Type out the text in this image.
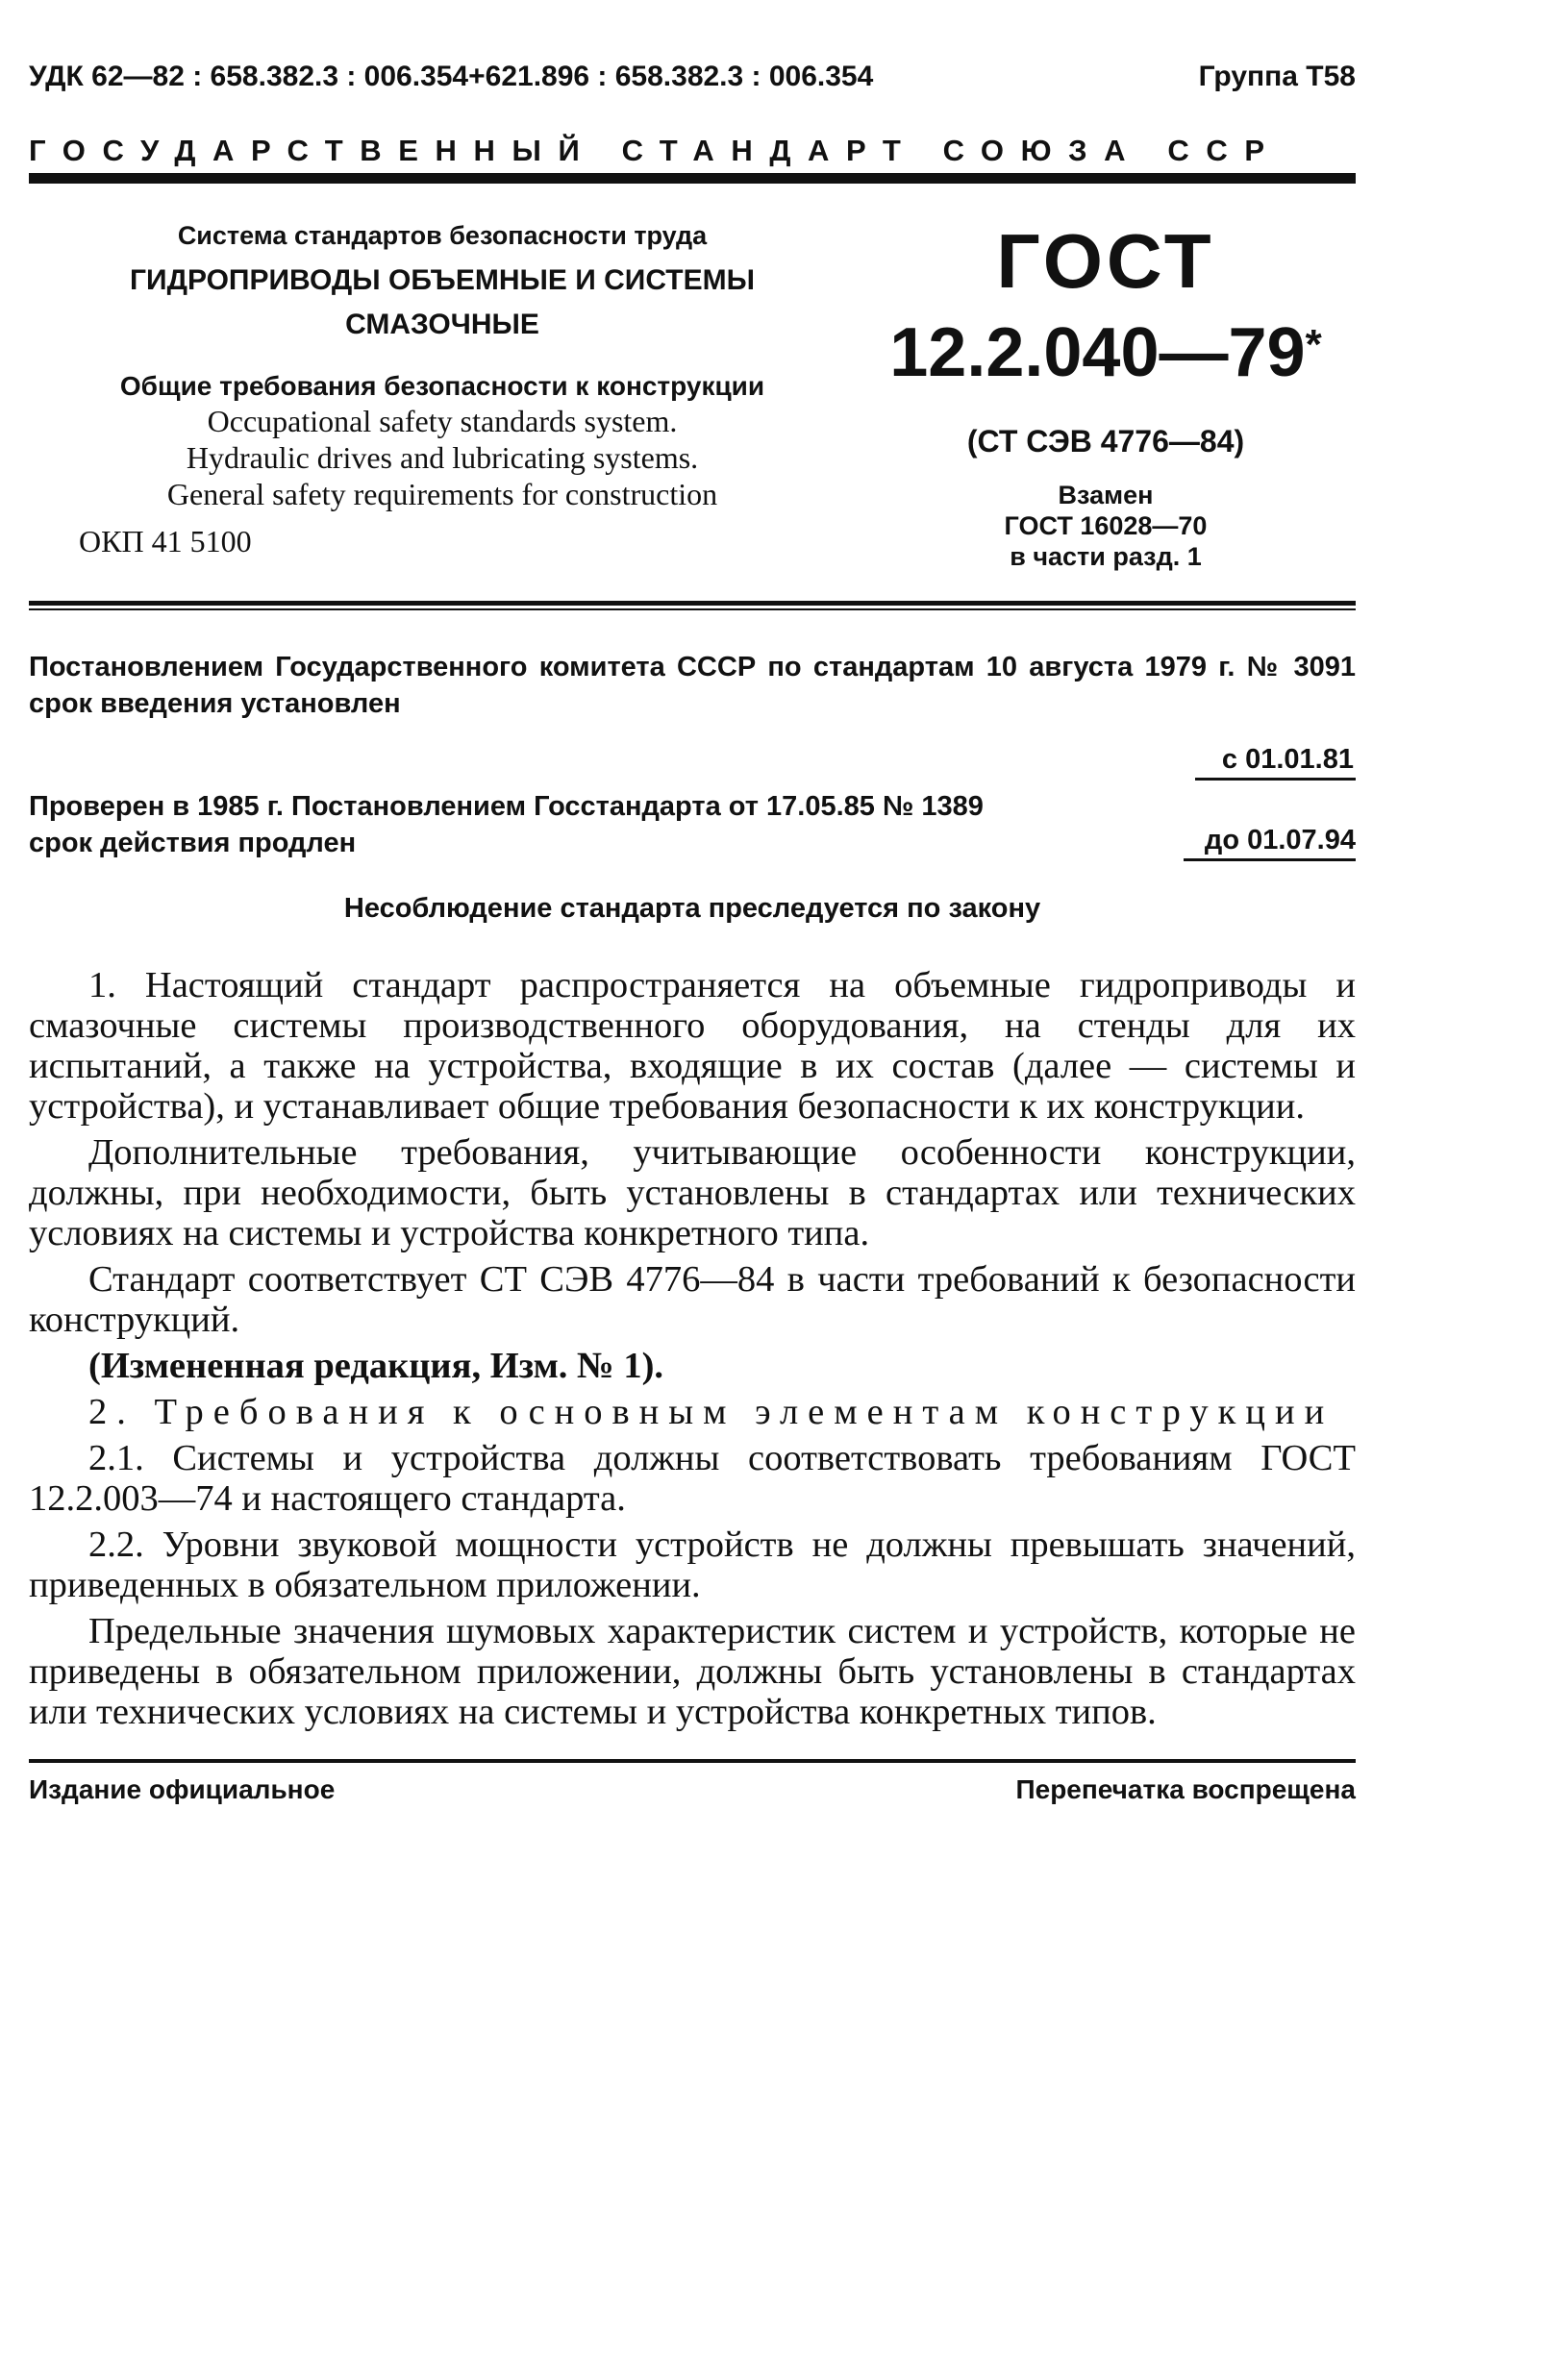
УДК 62—82 : 658.382.3 : 006.354+621.896 : 658.382.3 : 006.354	Группа Т58
ГОСУДАРСТВЕННЫЙ СТАНДАРТ СОЮЗА ССР
Система стандартов безопасности труда
ГИДРОПРИВОДЫ ОБЪЕМНЫЕ И СИСТЕМЫ
СМАЗОЧНЫЕ
Общие требования безопасности к конструкции
Occupational safety standards system.
Hydraulic drives and lubricating systems.
General safety requirements for construction
ОКП 41 5100
ГОСТ
12.2.040—79*
(СТ СЭВ 4776—84)
Взамен
ГОСТ 16028—70
в части разд. 1
Постановлением Государственного комитета СССР по стандартам 10 августа 1979 г. № 3091 срок введения установлен
с 01.01.81
Проверен в 1985 г. Постановлением Госстандарта от 17.05.85 № 1389
срок действия продлен	до 01.07.94
Несоблюдение стандарта преследуется по закону

1. Настоящий стандарт распространяется на объемные гидроприводы и смазочные системы производственного оборудования, на стенды для их испытаний, а также на устройства, входящие в их состав (далее — системы и устройства), и устанавливает общие требования безопасности к их конструкции.

Дополнительные требования, учитывающие особенности конструкции, должны, при необходимости, быть установлены в стандартах или технических условиях на системы и устройства конкретного типа.

Стандарт соответствует СТ СЭВ 4776—84 в части требований к безопасности конструкций.

(Измененная редакция, Изм. № 1).

2. Требования к основным элементам конструкции

2.1. Системы и устройства должны соответствовать требованиям ГОСТ 12.2.003—74 и настоящего стандарта.

2.2. Уровни звуковой мощности устройств не должны превышать значений, приведенных в обязательном приложении.

Предельные значения шумовых характеристик систем и устройств, которые не приведены в обязательном приложении, должны быть установлены в стандартах или технических условиях на системы и устройства конкретных типов.

Издание официальное	Перепечатка воспрещена
